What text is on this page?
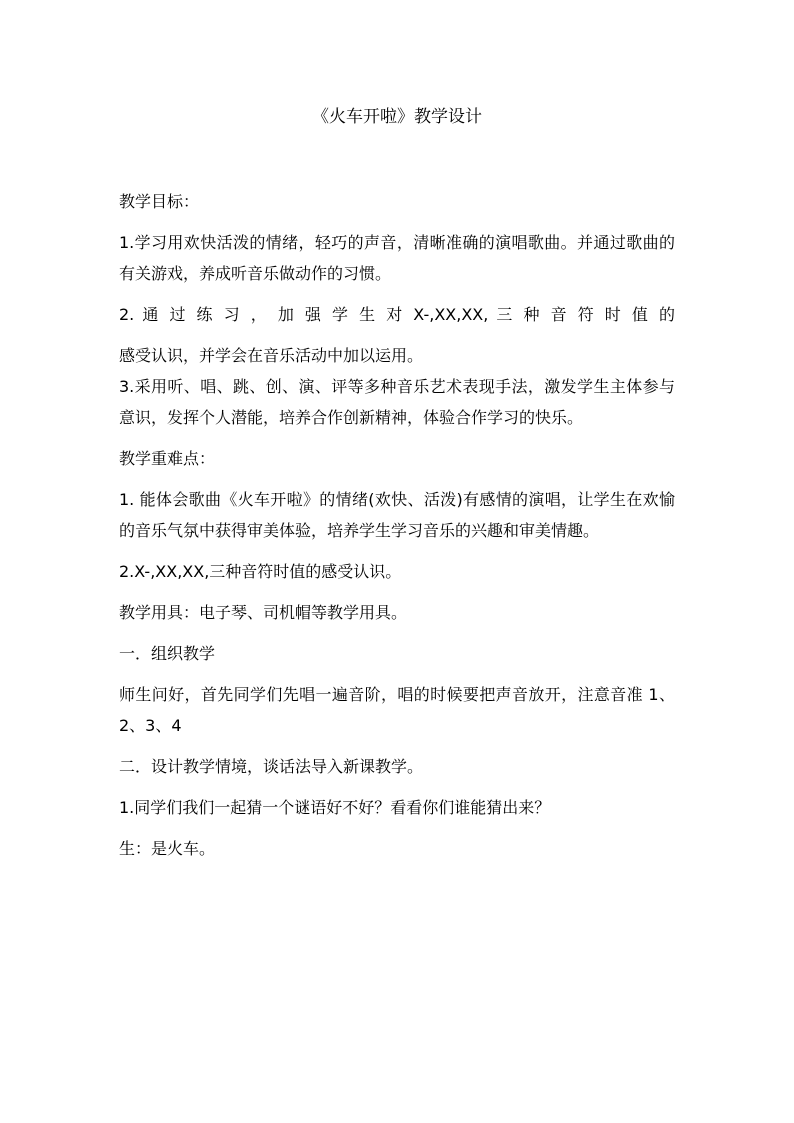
《火车开啦》教学设计

教学目标：

1.学习用欢快活泼的情绪，轻巧的声音，清晰准确的演唱歌曲。并通过歌曲的有关游戏，养成听音乐做动作的习惯。

2. 通 过 练 习 ， 加 强 学 生 对 X-,XX,XX, 三 种 音 符 时 值 的

感受认识，并学会在音乐活动中加以运用。

3.采用听、唱、跳、创、演、评等多种音乐艺术表现手法，激发学生主体参与意识，发挥个人潜能，培养合作创新精神，体验合作学习的快乐。

教学重难点：

1. 能体会歌曲《火车开啦》的情绪(欢快、活泼)有感情的演唱，让学生在欢愉的音乐气氛中获得审美体验，培养学生学习音乐的兴趣和审美情趣。

2.X-,XX,XX,三种音符时值的感受认识。

教学用具：电子琴、司机帽等教学用具。

一．组织教学

师生问好，首先同学们先唱一遍音阶，唱的时候要把声音放开，注意音准 1、2、3、4

二．设计教学情境，谈话法导入新课教学。

1.同学们我们一起猜一个谜语好不好？看看你们谁能猜出来？

生：是火车。
